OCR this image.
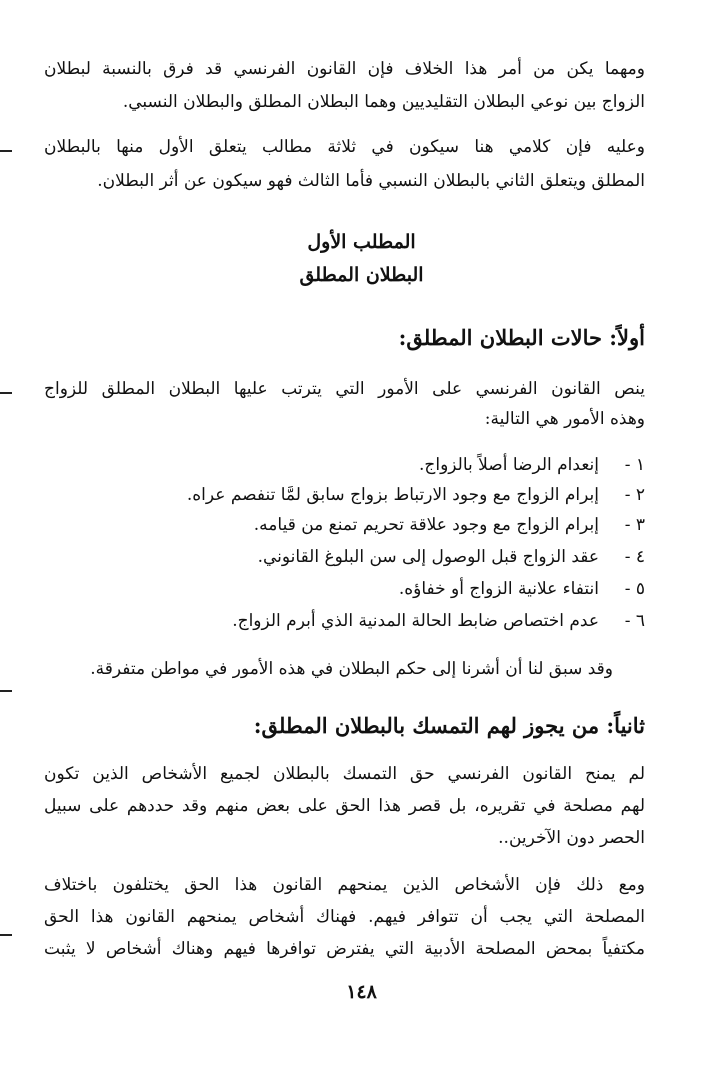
ومهما يكن من أمر هذا الخلاف فإن القانون الفرنسي قد فرق بالنسبة لبطلان
الزواج بين نوعي البطلان التقليديين وهما البطلان المطلق والبطلان النسبي.
وعليه فإن كلامي هنا سيكون في ثلاثة مطالب يتعلق الأول منها بالبطلان
المطلق ويتعلق الثاني بالبطلان النسبي فأما الثالث فهو سيكون عن أثر البطلان.
المطلب الأول
البطلان المطلق
أولاً: حالات البطلان المطلق:
ينص القانون الفرنسي على الأمور التي يترتب عليها البطلان المطلق للزواج
وهذه الأمور هي التالية:
١ -إنعدام الرضا أصلاً بالزواج.
٢ -إبرام الزواج مع وجود الارتباط بزواج سابق لمَّا تنفصم عراه.
٣ -إبرام الزواج مع وجود علاقة تحريم تمنع من قيامه.
٤ -عقد الزواج قبل الوصول إلى سن البلوغ القانوني.
٥ -انتفاء علانية الزواج أو خفاؤه.
٦ -عدم اختصاص ضابط الحالة المدنية الذي أبرم الزواج.
وقد سبق لنا أن أشرنا إلى حكم البطلان في هذه الأمور في مواطن متفرقة.
ثانياً: من يجوز لهم التمسك بالبطلان المطلق:
لم يمنح القانون الفرنسي حق التمسك بالبطلان لجميع الأشخاص الذين تكون
لهم مصلحة في تقريره، بل قصر هذا الحق على بعض منهم وقد حددهم على سبيل
الحصر دون الآخرين..
ومع ذلك فإن الأشخاص الذين يمنحهم القانون هذا الحق يختلفون باختلاف
المصلحة التي يجب أن تتوافر فيهم. فهناك أشخاص يمنحهم القانون هذا الحق
مكتفياً بمحض المصلحة الأدبية التي يفترض توافرها فيهم وهناك أشخاص لا يثبت
١٤٨
